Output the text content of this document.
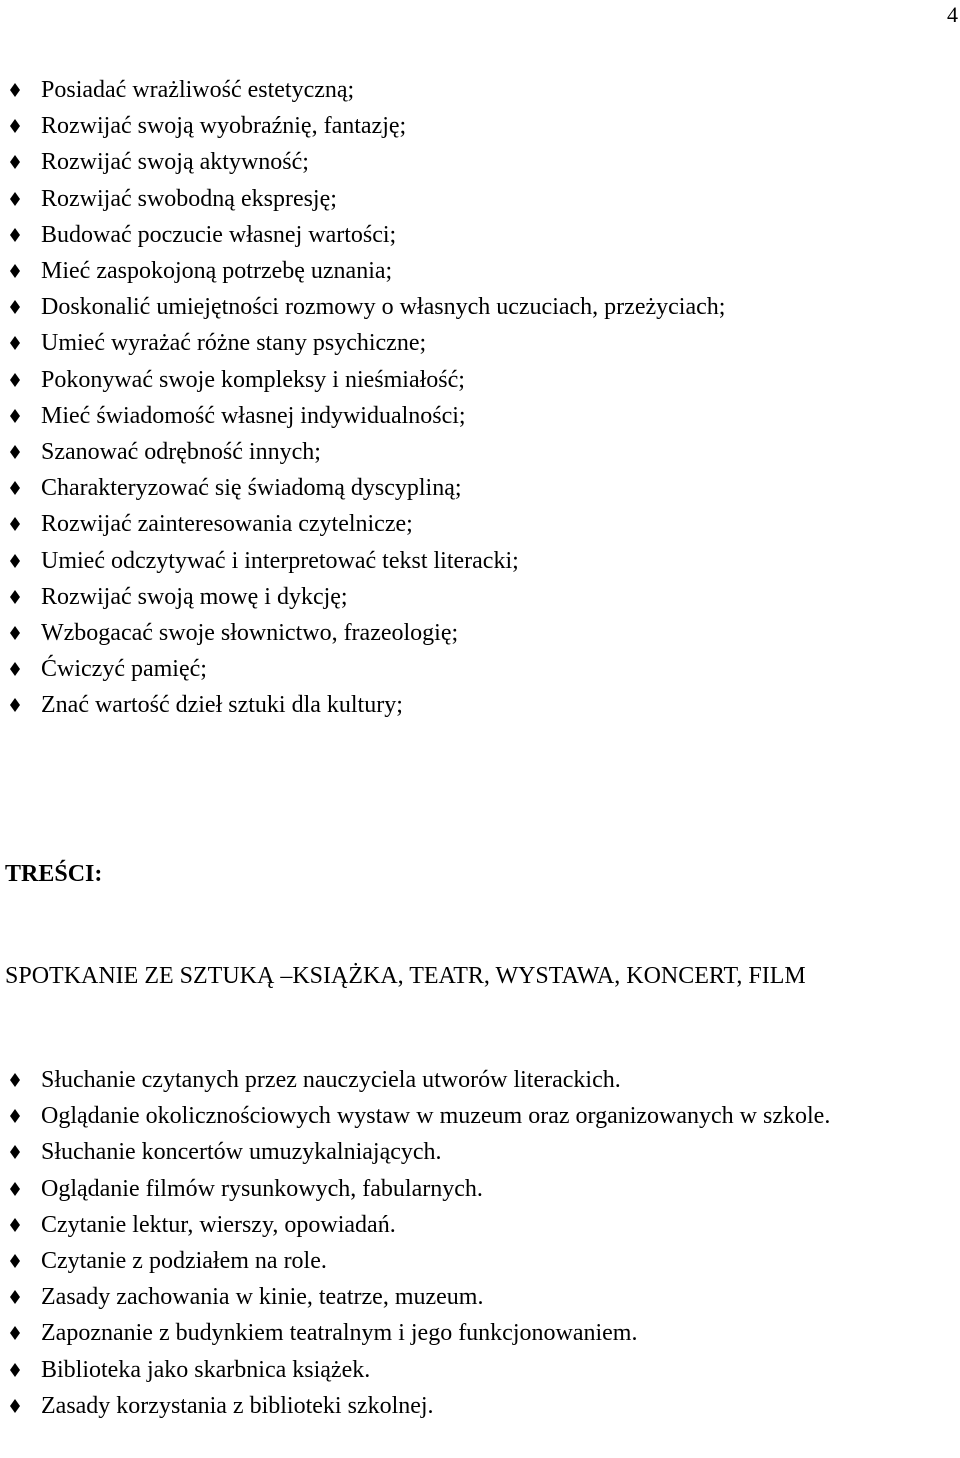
4
Posiadać wrażliwość estetyczną;
Rozwijać swoją wyobraźnię, fantazję;
Rozwijać swoją aktywność;
Rozwijać swobodną ekspresję;
Budować poczucie własnej wartości;
Mieć zaspokojoną potrzebę uznania;
Doskonalić umiejętności rozmowy o własnych uczuciach, przeżyciach;
Umieć wyrażać różne stany psychiczne;
Pokonywać swoje kompleksy i nieśmiałość;
Mieć świadomość własnej indywidualności;
Szanować odrębność innych;
Charakteryzować się świadomą dyscypliną;
Rozwijać zainteresowania czytelnicze;
Umieć odczytywać i interpretować tekst literacki;
Rozwijać swoją mowę i dykcję;
Wzbogacać swoje słownictwo, frazeologię;
Ćwiczyć pamięć;
Znać wartość dzieł sztuki dla kultury;
TREŚCI:

SPOTKANIE ZE SZTUKĄ –KSIĄŻKA, TEATR, WYSTAWA, KONCERT, FILM

Słuchanie czytanych przez nauczyciela utworów literackich.
Oglądanie okolicznościowych wystaw w muzeum oraz organizowanych w szkole.
Słuchanie koncertów umuzykalniających.
Oglądanie filmów rysunkowych, fabularnych.
Czytanie lektur, wierszy, opowiadań.
Czytanie z podziałem na role.
Zasady zachowania w kinie, teatrze, muzeum.
Zapoznanie z budynkiem teatralnym i jego funkcjonowaniem.
Biblioteka jako skarbnica książek.
Zasady korzystania z biblioteki szkolnej.
